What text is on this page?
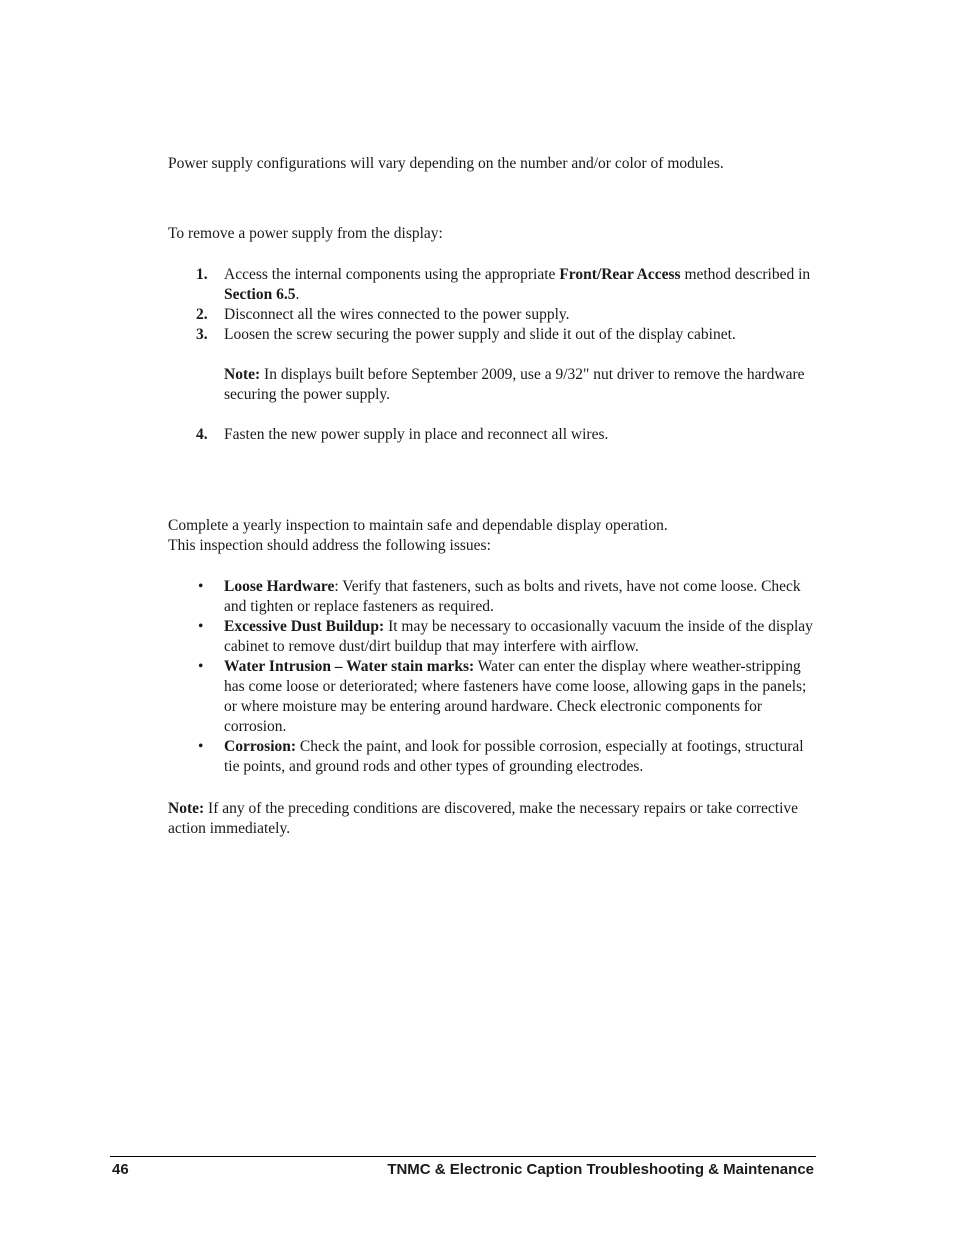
Power supply configurations will vary depending on the number and/or color of modules.
To remove a power supply from the display:
1. Access the internal components using the appropriate Front/Rear Access method described in Section 6.5.
2. Disconnect all the wires connected to the power supply.
3. Loosen the screw securing the power supply and slide it out of the display cabinet.
Note: In displays built before September 2009, use a 9/32" nut driver to remove the hardware securing the power supply.
4. Fasten the new power supply in place and reconnect all wires.
Complete a yearly inspection to maintain safe and dependable display operation.
This inspection should address the following issues:
• Loose Hardware: Verify that fasteners, such as bolts and rivets, have not come loose. Check and tighten or replace fasteners as required.
• Excessive Dust Buildup: It may be necessary to occasionally vacuum the inside of the display cabinet to remove dust/dirt buildup that may interfere with airflow.
• Water Intrusion – Water stain marks: Water can enter the display where weather-stripping has come loose or deteriorated; where fasteners have come loose, allowing gaps in the panels; or where moisture may be entering around hardware. Check electronic components for corrosion.
• Corrosion: Check the paint, and look for possible corrosion, especially at footings, structural tie points, and ground rods and other types of grounding electrodes.
Note: If any of the preceding conditions are discovered, make the necessary repairs or take corrective action immediately.
46	TNMC & Electronic Caption Troubleshooting & Maintenance
